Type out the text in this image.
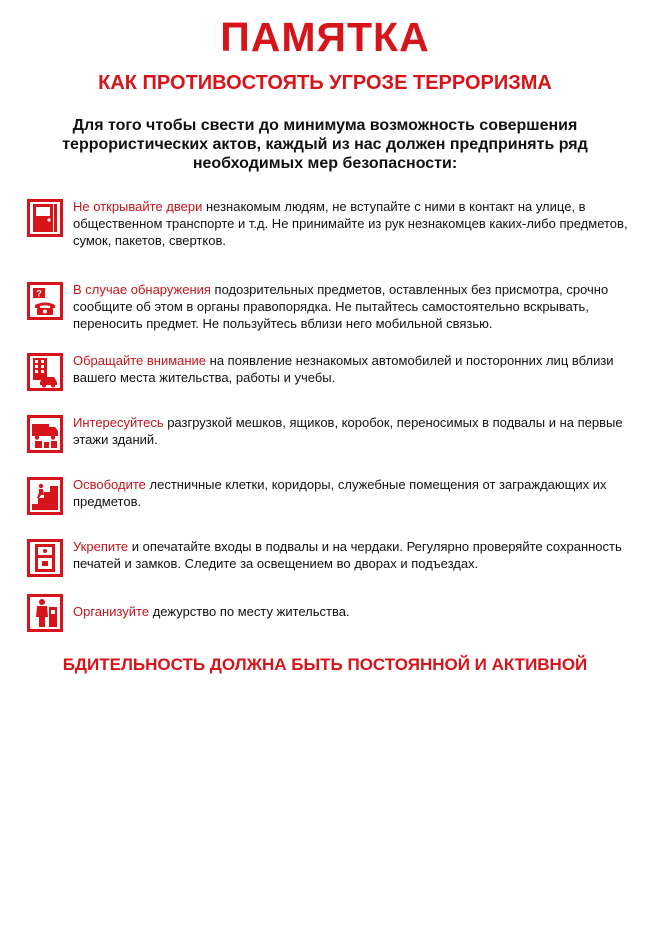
ПАМЯТКА
КАК ПРОТИВОСТОЯТЬ УГРОЗЕ ТЕРРОРИЗМА
Для того чтобы свести до минимума возможность совершения террористических актов, каждый из нас должен предпринять ряд необходимых мер безопасности:
Не открывайте двери незнакомым людям, не вступайте с ними в контакт на улице, в общественном транспорте и т.д. Не принимайте из рук незнакомцев каких-либо предметов, сумок, пакетов, свертков.
? В случае обнаружения подозрительных предметов, оставленных без присмотра, срочно сообщите об этом в органы правопорядка. Не пытайтесь самостоятельно вскрывать, переносить предмет. Не пользуйтесь вблизи него мобильной связью.
Обращайте внимание на появление незнакомых автомобилей и посторонних лиц вблизи вашего места жительства, работы и учебы.
Интересуйтесь разгрузкой мешков, ящиков, коробок, переносимых в подвалы и на первые этажи зданий.
Освободите лестничные клетки, коридоры, служебные помещения от заграждающих их предметов.
Укрепите и опечатайте входы в подвалы и на чердаки. Регулярно проверяйте сохранность печатей и замков. Следите за освещением во дворах и подъездах.
Организуйте дежурство по месту жительства.
БДИТЕЛЬНОСТЬ ДОЛЖНА БЫТЬ ПОСТОЯННОЙ И АКТИВНОЙ
